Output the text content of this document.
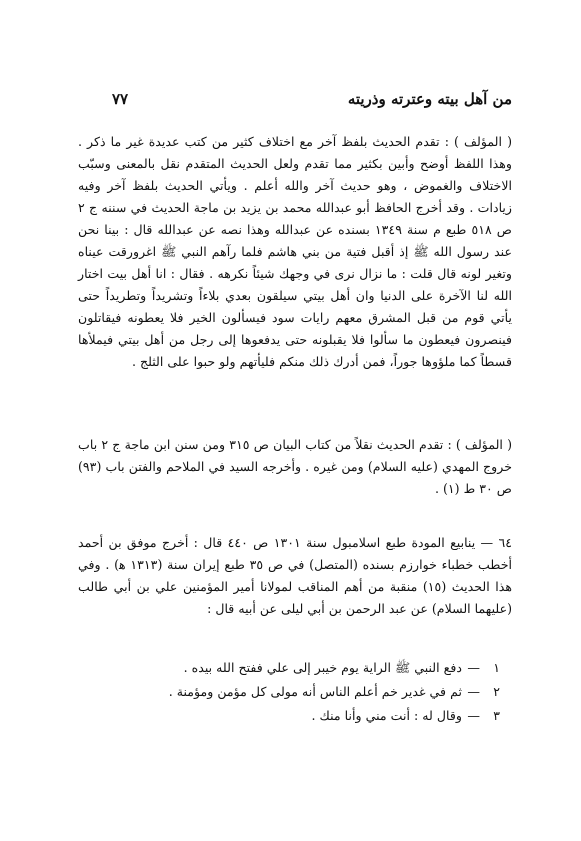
من آهل بيته وعترته وذريته
٧٧

( المؤلف ) : تقدم الحديث بلفظ آخر مع اختلاف كثير من كتب عديدة غير ما ذكر . وهذا اللفظ أوضح وأبين بكثير مما تقدم ولعل الحديث المتقدم نقل بالمعنى وسبّب الاختلاف والغموض ، وهو حديث آخر والله أعلم . ويأتي الحديث بلفظ آخر وفيه زيادات . وقد أخرج الحافظ أبو عبدالله محمد بن يزيد بن ماجة الحديث في سننه ج ٢ ص ٥١٨ طبع م سنة ١٣٤٩ بسنده عن عبدالله وهذا نصه عن عبدالله قال : بينا نحن عند رسول الله ﷺ إذ أقبل فتية من بني هاشم فلما رآهم النبي ﷺ اغرورقت عيناه وتغير لونه قال قلت : ما نزال نرى في وجهك شيئاً نكرهه . فقال : انا أهل بيت اختار الله لنا الآخرة على الدنيا وان أهل بيتي سيلقون بعدي بلاءاً وتشريداً وتطريداً حتى يأتي قوم من قبل المشرق معهم رايات سود فيسألون الخير فلا يعطونه فيقاتلون فينصرون فيعطون ما سألوا فلا يقبلونه حتى يدفعوها إلى رجل من أهل بيتي فيملأها قسطاً كما ملؤوها جوراً، فمن أدرك ذلك منكم فليأتهم ولو حبوا على الثلج .

( المؤلف ) : تقدم الحديث نقلاً من كتاب البيان ص ٣١٥ ومن سنن ابن ماجة ج ٢ باب خروج المهدي (عليه السلام) ومن غيره . وأخرجه السيد في الملاحم والفتن باب (٩٣) ص ٣٠ ط (١) .

٦٤ — ينابيع المودة طبع اسلامبول سنة ١٣٠١ ص ٤٤٠ قال : أخرج موفق بن أحمد أخطب خطباء خوارزم بسنده (المتصل) في ص ٣٥ طبع إيران سنة (١٣١٣ ﻫ) . وفي هذا الحديث (١٥) منقبة من أهم المناقب لمولانا أمير المؤمنين علي بن أبي طالب (عليهما السلام) عن عبد الرحمن بن أبي ليلى عن أبيه قال :

١ — دفع النبي ﷺ الراية يوم خيبر إلى علي ففتح الله بيده .
٢ — ثم في غدير خم أعلم الناس أنه مولى كل مؤمن ومؤمنة .
٣ — وقال له : أنت مني وأنا منك .
